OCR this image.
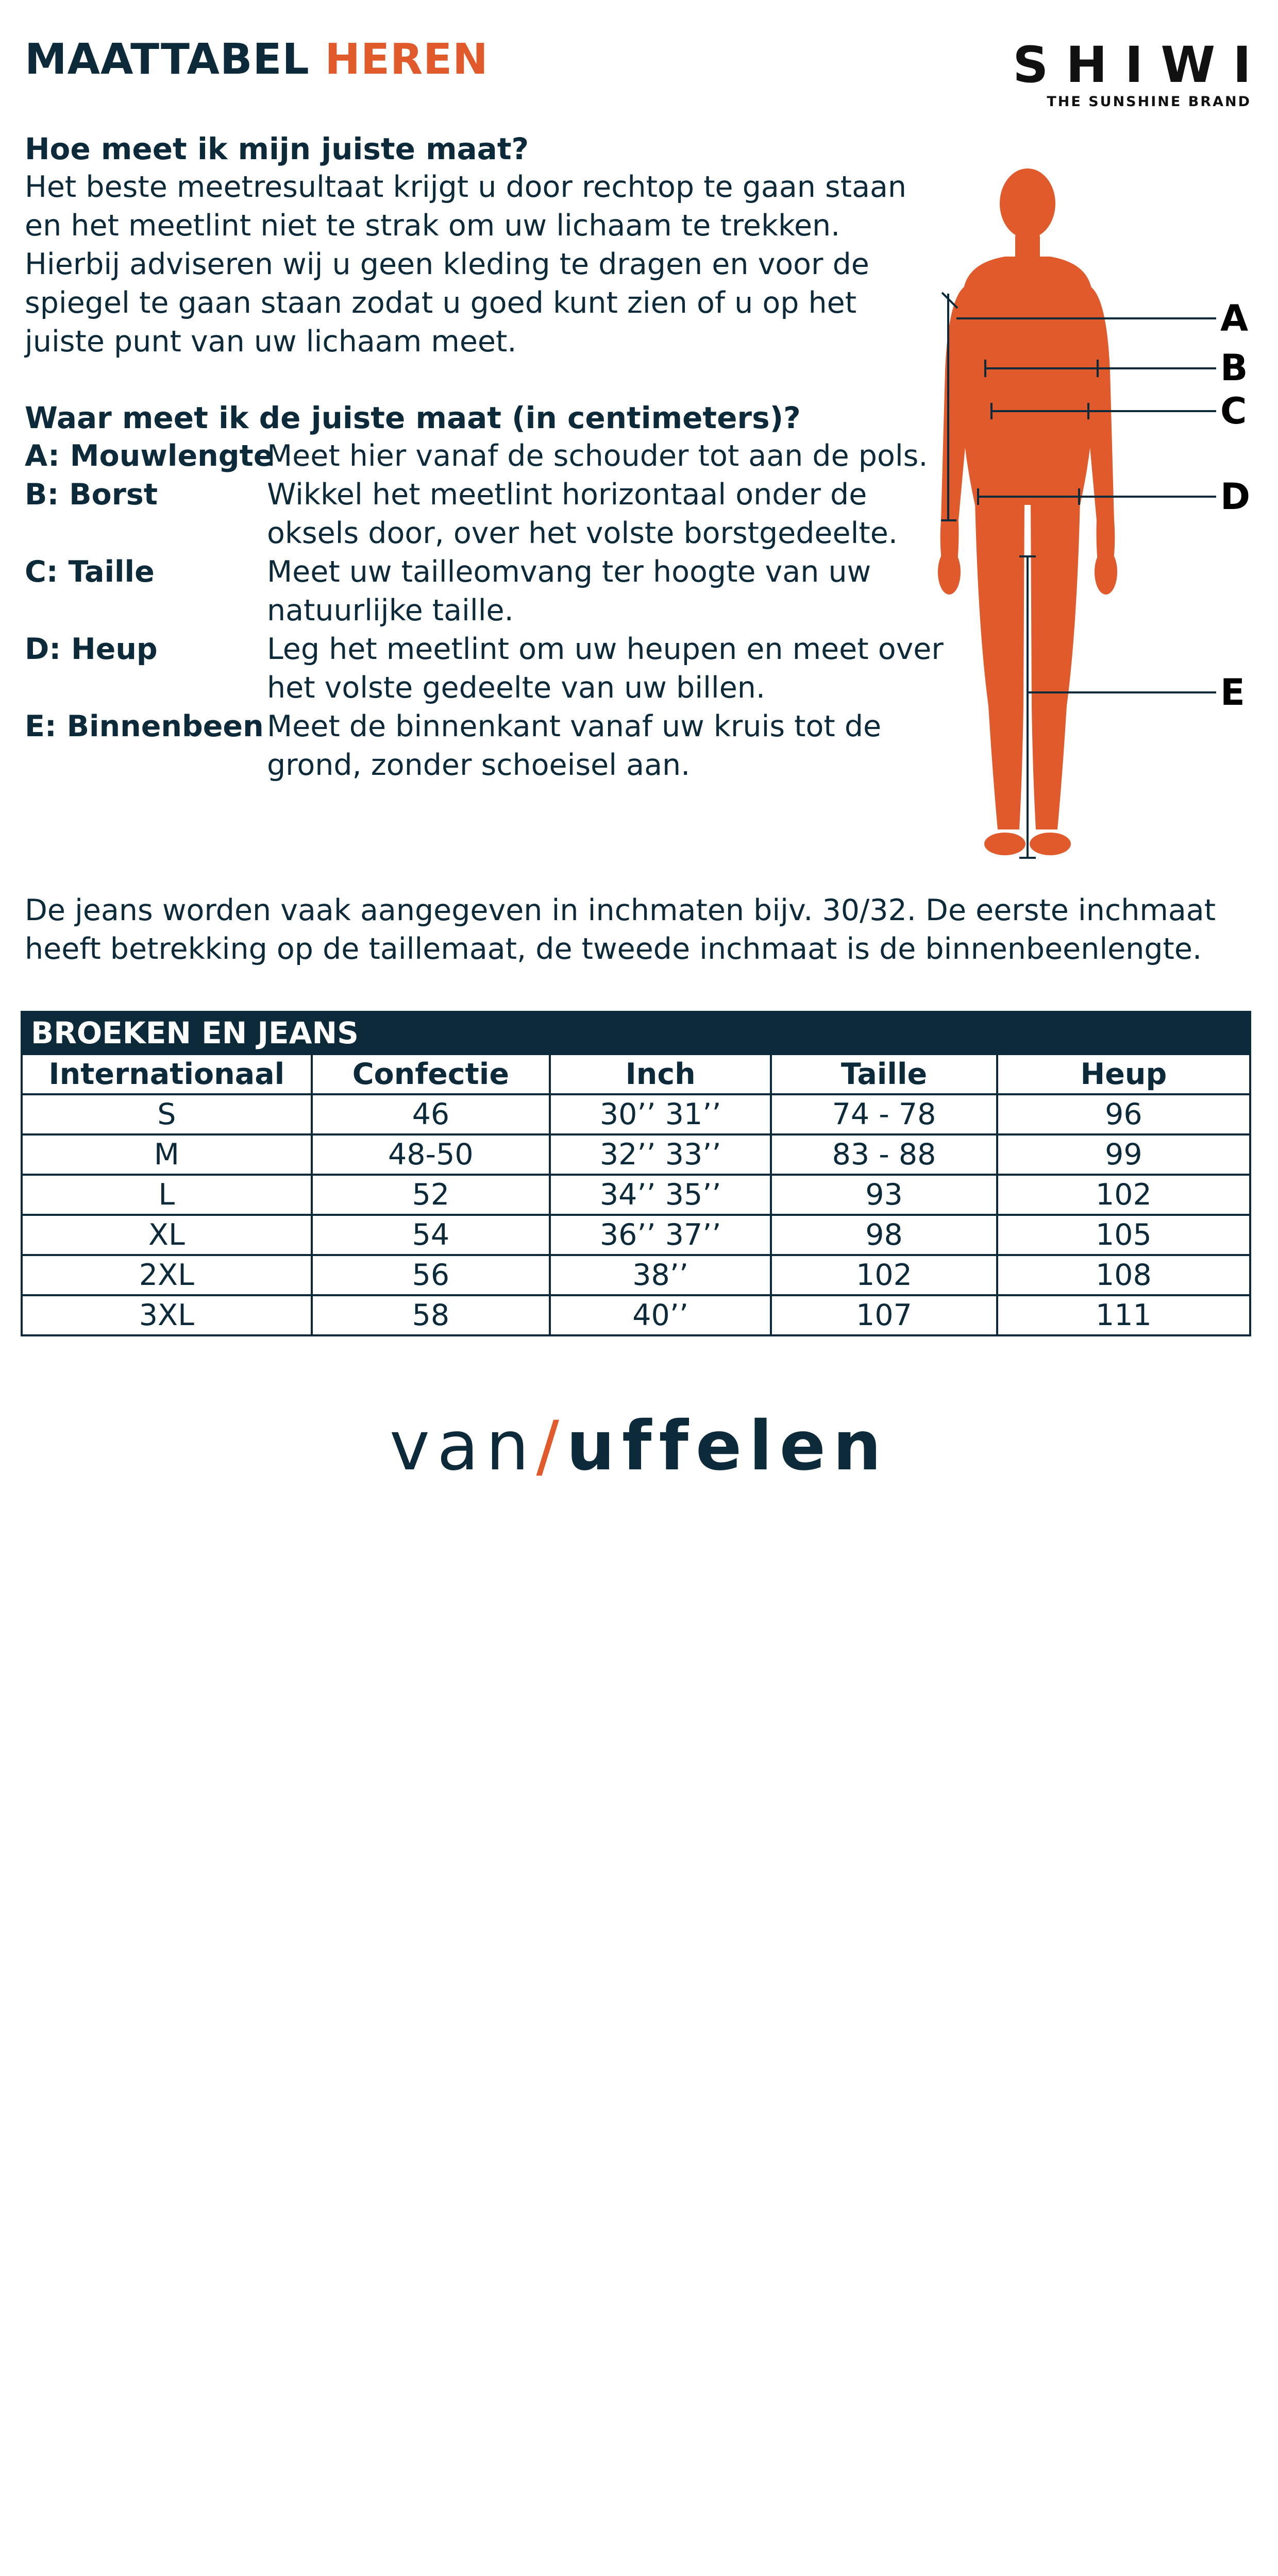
MAATTABEL HEREN	SHIWI
THE SUNSHINE BRAND
Hoe meet ik mijn juiste maat?
Het beste meetresultaat krijgt u door rechtop te gaan staan en het meetlint niet te strak om uw lichaam te trekken. Hierbij adviseren wij u geen kleding te dragen en voor de spiegel te gaan staan zodat u goed kunt zien of u op het juiste punt van uw lichaam meet.
Waar meet ik de juiste maat (in centimeters)?
A: Mouwlengte
Meet hier vanaf de schouder tot aan de pols.
B: Borst	Wikkel het meetlint horizontaal onder de oksels door, over het volste borstgedeelte.
C: Taille	Meet uw tailleomvang ter hoogte van uw natuurlijke taille.
D: Heup	Leg het meetlint om uw heupen en meet over het volste gedeelte van uw billen.
E: Binnenbeen Meet de binnenkant vanaf uw kruis tot de grond, zonder schoeisel aan.
A
B
C
D
E
De jeans worden vaak aangegeven in inchmaten bijv. 30/32. De eerste inchmaat heeft betrekking op de taillemaat, de tweede inchmaat is de binnenbeenlengte.
BROEKEN EN JEANS
Internationaal	Confectie	Inch	Taille	Heup
S	46	30’’ 31’’	74 - 78	96
M	48-50	32’’ 33’’	83 - 88	99
L	52	34’’ 35’’	93	102
XL	54	36’’ 37’’	98	105
2XL	56	38’’	102	108
3XL	58	40’’	107	111
van/uffelen
